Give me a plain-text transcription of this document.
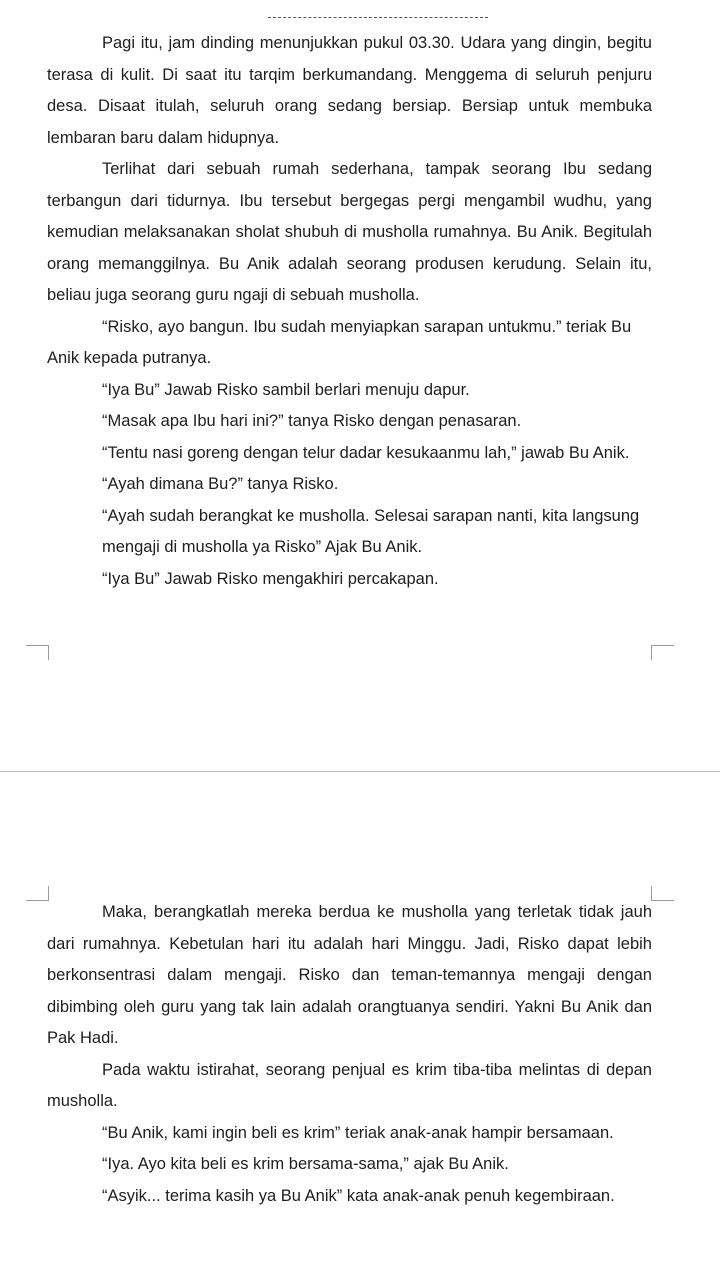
Pagi itu, jam dinding menunjukkan pukul 03.30. Udara yang dingin, begitu terasa di kulit. Di saat itu tarqim berkumandang. Menggema di seluruh penjuru desa. Disaat itulah, seluruh orang sedang bersiap. Bersiap untuk membuka lembaran baru dalam hidupnya.

Terlihat dari sebuah rumah sederhana, tampak seorang Ibu sedang terbangun dari tidurnya. Ibu tersebut bergegas pergi mengambil wudhu, yang kemudian melaksanakan sholat shubuh di musholla rumahnya. Bu Anik. Begitulah orang memanggilnya. Bu Anik adalah seorang produsen kerudung. Selain itu, beliau juga seorang guru ngaji di sebuah musholla.

“Risko, ayo bangun. Ibu sudah menyiapkan sarapan untukmu.” teriak Bu Anik kepada putranya.

“Iya Bu” Jawab Risko sambil berlari menuju dapur.

“Masak apa Ibu hari ini?” tanya Risko dengan penasaran.

“Tentu nasi goreng dengan telur dadar kesukaanmu lah,” jawab Bu Anik.

“Ayah dimana Bu?” tanya Risko.

“Ayah sudah berangkat ke musholla. Selesai sarapan nanti, kita langsung mengaji di musholla ya Risko” Ajak Bu Anik.

“Iya Bu” Jawab Risko mengakhiri percakapan.

Maka, berangkatlah mereka berdua ke musholla yang terletak tidak jauh dari rumahnya. Kebetulan hari itu adalah hari Minggu. Jadi, Risko dapat lebih berkonsentrasi dalam mengaji. Risko dan teman-temannya mengaji dengan dibimbing oleh guru yang tak lain adalah orangtuanya sendiri. Yakni Bu Anik dan Pak Hadi.

Pada waktu istirahat, seorang penjual es krim tiba-tiba melintas di depan musholla.

“Bu Anik, kami ingin beli es krim” teriak anak-anak hampir bersamaan.

“Iya. Ayo kita beli es krim bersama-sama,” ajak Bu Anik.

“Asyik... terima kasih ya Bu Anik” kata anak-anak penuh kegembiraan.
